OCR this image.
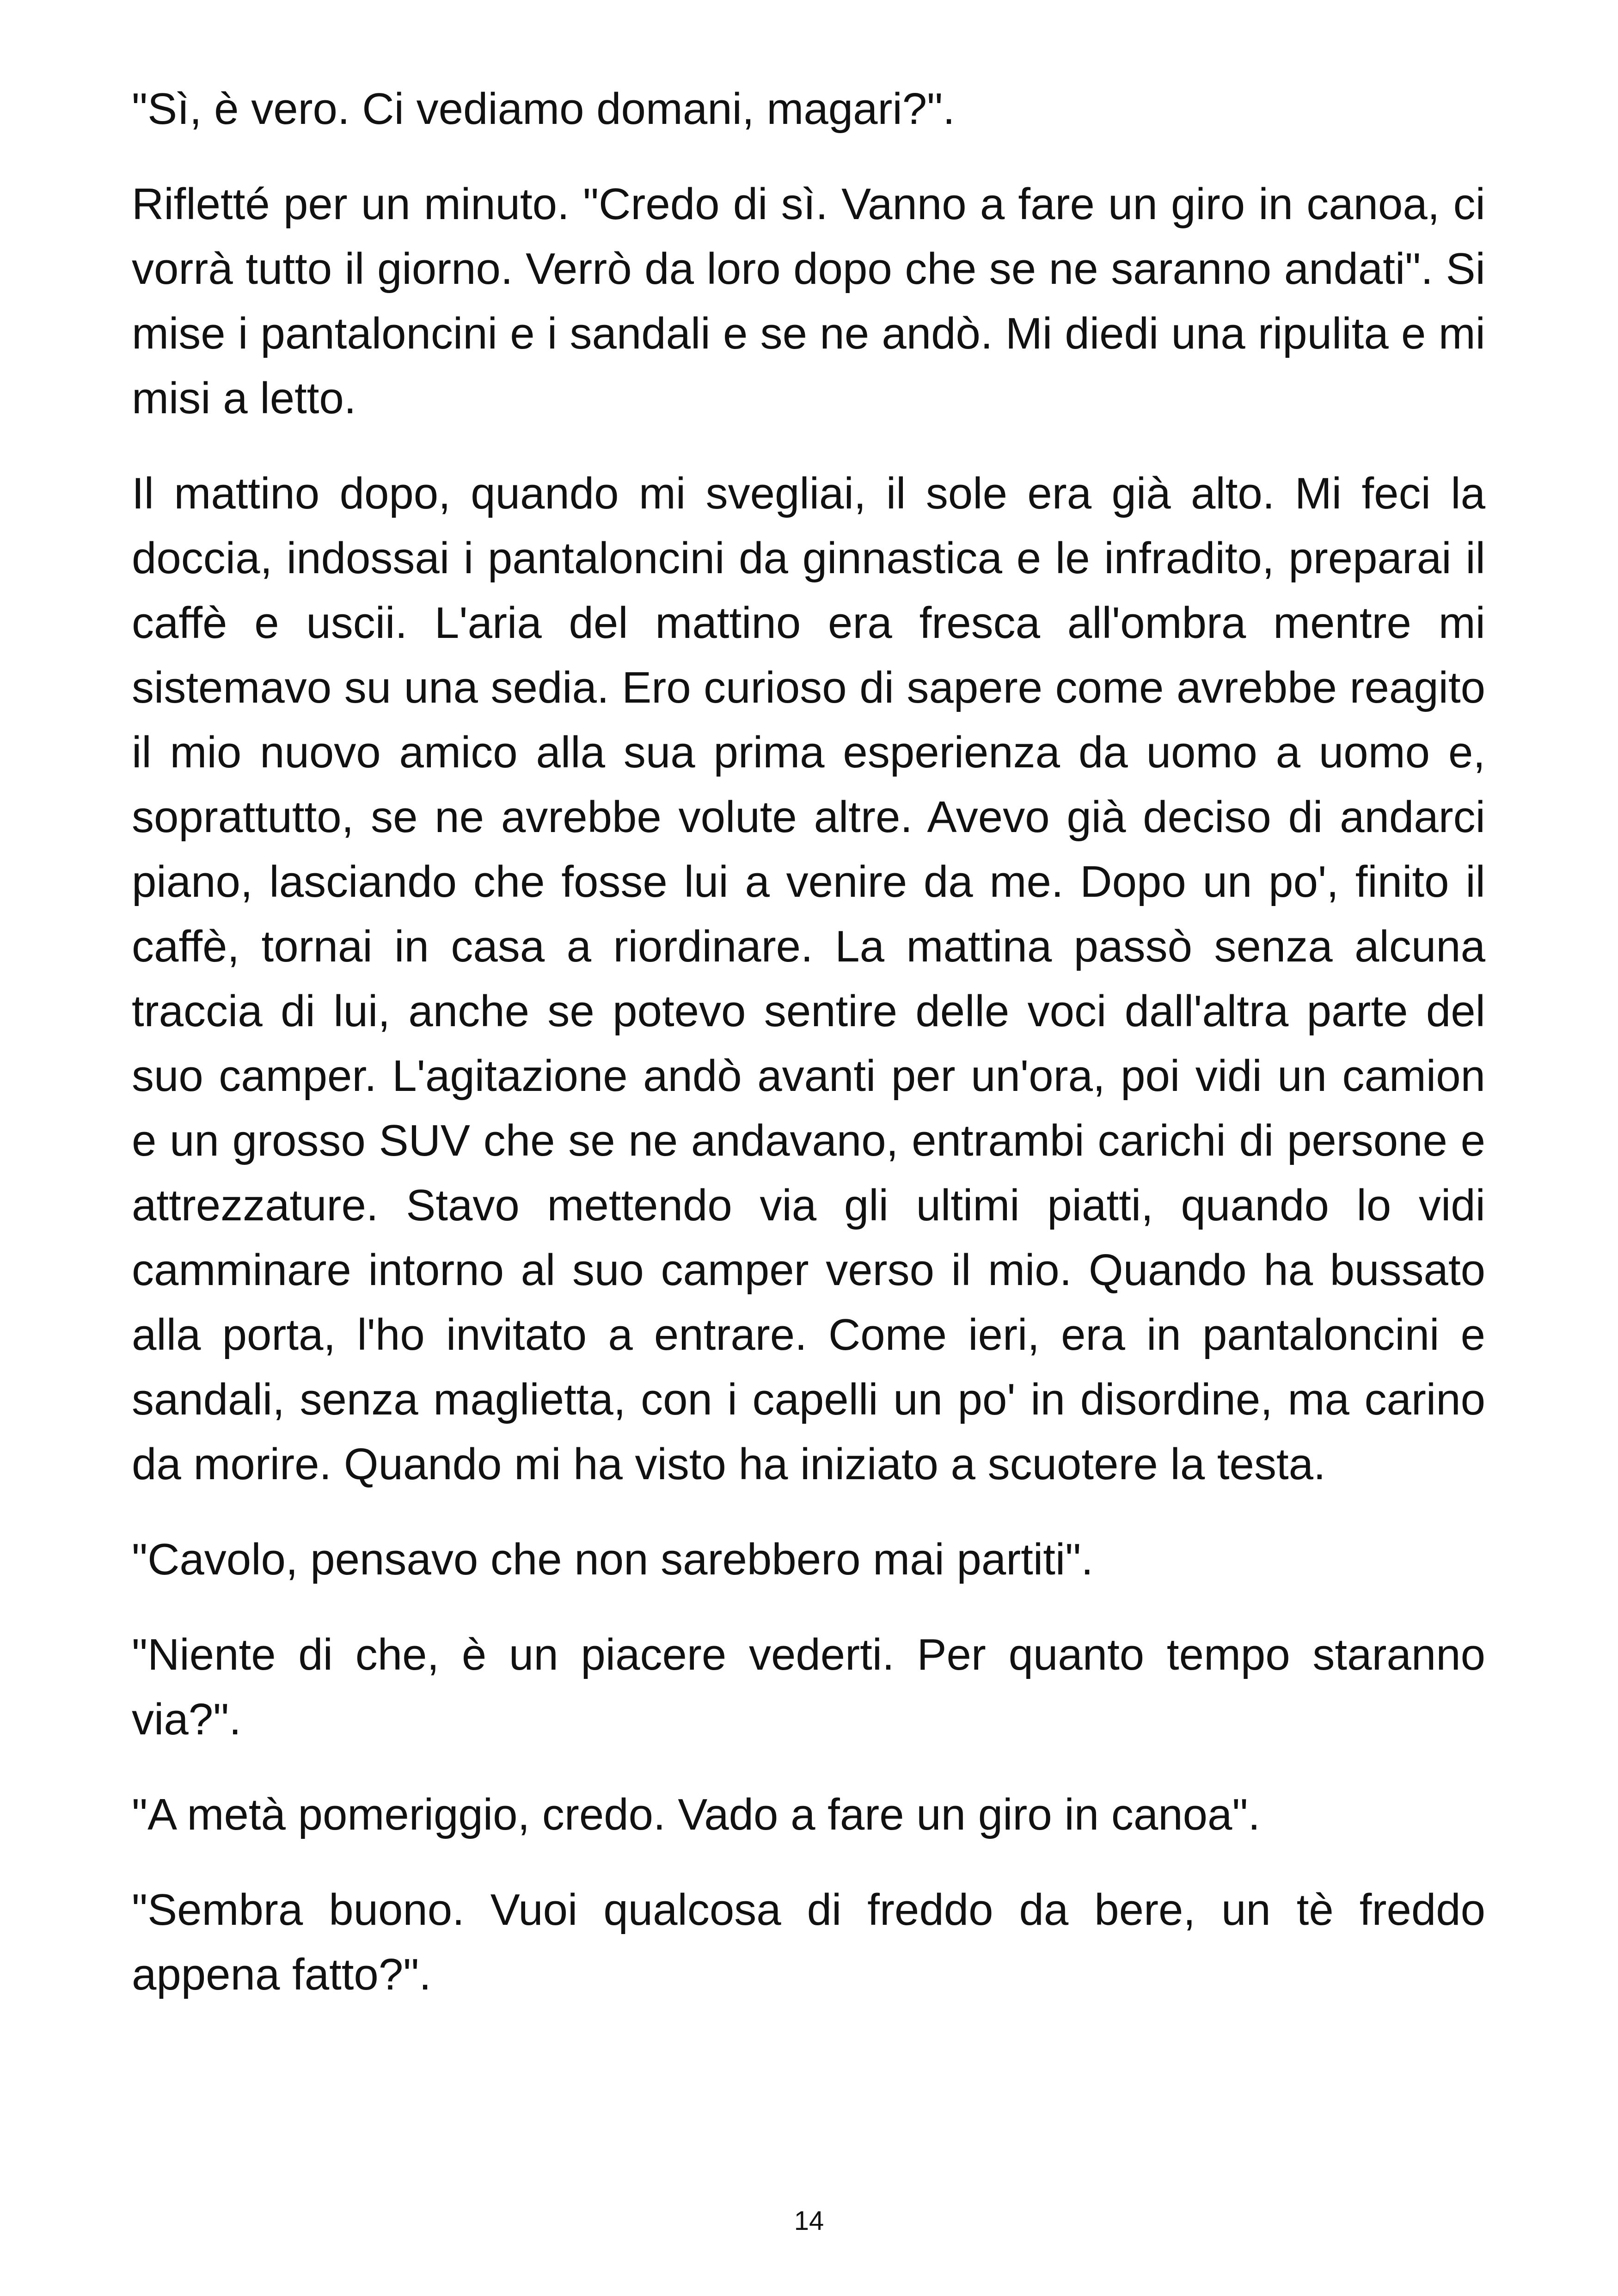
"Sì, è vero. Ci vediamo domani, magari?".

Rifletté per un minuto. "Credo di sì. Vanno a fare un giro in canoa, ci vorrà tutto il giorno. Verrò da loro dopo che se ne saranno andati". Si mise i pantaloncini e i sandali e se ne andò. Mi diedi una ripulita e mi misi a letto.

Il mattino dopo, quando mi svegliai, il sole era già alto. Mi feci la doccia, indossai i pantaloncini da ginnastica e le infradito, preparai il caffè e uscii. L'aria del mattino era fresca all'ombra mentre mi sistemavo su una sedia. Ero curioso di sapere come avrebbe reagito il mio nuovo amico alla sua prima esperienza da uomo a uomo e, soprattutto, se ne avrebbe volute altre. Avevo già deciso di andarci piano, lasciando che fosse lui a venire da me. Dopo un po', finito il caffè, tornai in casa a riordinare. La mattina passò senza alcuna traccia di lui, anche se potevo sentire delle voci dall'altra parte del suo camper. L'agitazione andò avanti per un'ora, poi vidi un camion e un grosso SUV che se ne andavano, entrambi carichi di persone e attrezzature. Stavo mettendo via gli ultimi piatti, quando lo vidi camminare intorno al suo camper verso il mio. Quando ha bussato alla porta, l'ho invitato a entrare. Come ieri, era in pantaloncini e sandali, senza maglietta, con i capelli un po' in disordine, ma carino da morire. Quando mi ha visto ha iniziato a scuotere la testa.

"Cavolo, pensavo che non sarebbero mai partiti".

"Niente di che, è un piacere vederti. Per quanto tempo staranno via?".

"A metà pomeriggio, credo. Vado a fare un giro in canoa".

"Sembra buono. Vuoi qualcosa di freddo da bere, un tè freddo appena fatto?".

14
